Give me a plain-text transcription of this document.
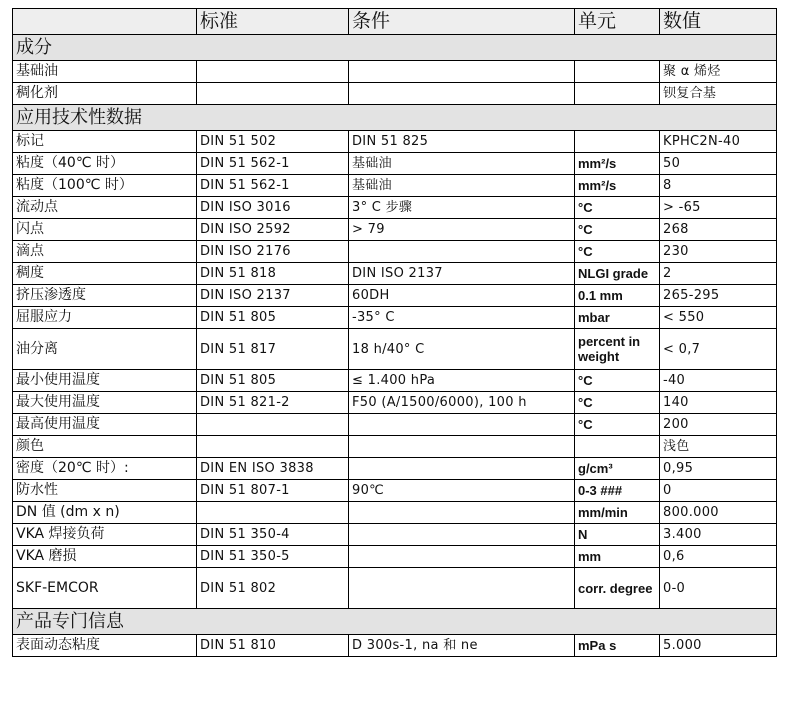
	标准	条件	单元	数值
成分				
基础油				聚 α 烯烃
稠化剂				钡复合基
应用技术性数据				
标记	DIN 51 502	DIN 51 825		KPHC2N-40
粘度（40℃ 时）	DIN 51 562-1	基础油	mm²/s	50
粘度（100℃ 时）	DIN 51 562-1	基础油	mm²/s	8
流动点	DIN ISO 3016	3° C 步骤	°C	> -65
闪点	DIN ISO 2592	> 79	°C	268
滴点	DIN ISO 2176		°C	230
稠度	DIN 51 818	DIN ISO 2137	NLGI grade	2
挤压渗透度	DIN ISO 2137	60DH	0.1 mm	265-295
屈服应力	DIN 51 805	-35° C	mbar	< 550
油分离	DIN 51 817	18 h/40° C	percent in weight	< 0,7
最小使用温度	DIN 51 805	≤ 1.400 hPa	°C	-40
最大使用温度	DIN 51 821-2	F50 (A/1500/6000), 100 h	°C	140
最高使用温度			°C	200
颜色				浅色
密度（20℃ 时）:	DIN EN ISO 3838		g/cm³	0,95
防水性	DIN 51 807-1	90℃	0-3 ###	0
DN 值 (dm x n)			mm/min	800.000
VKA 焊接负荷	DIN 51 350-4		N	3.400
VKA 磨损	DIN 51 350-5		mm	0,6
SKF-EMCOR	DIN 51 802		corr. degree	0-0
产品专门信息				
表面动态粘度	DIN 51 810	D 300s-1, na 和 ne	mPa s	5.000
